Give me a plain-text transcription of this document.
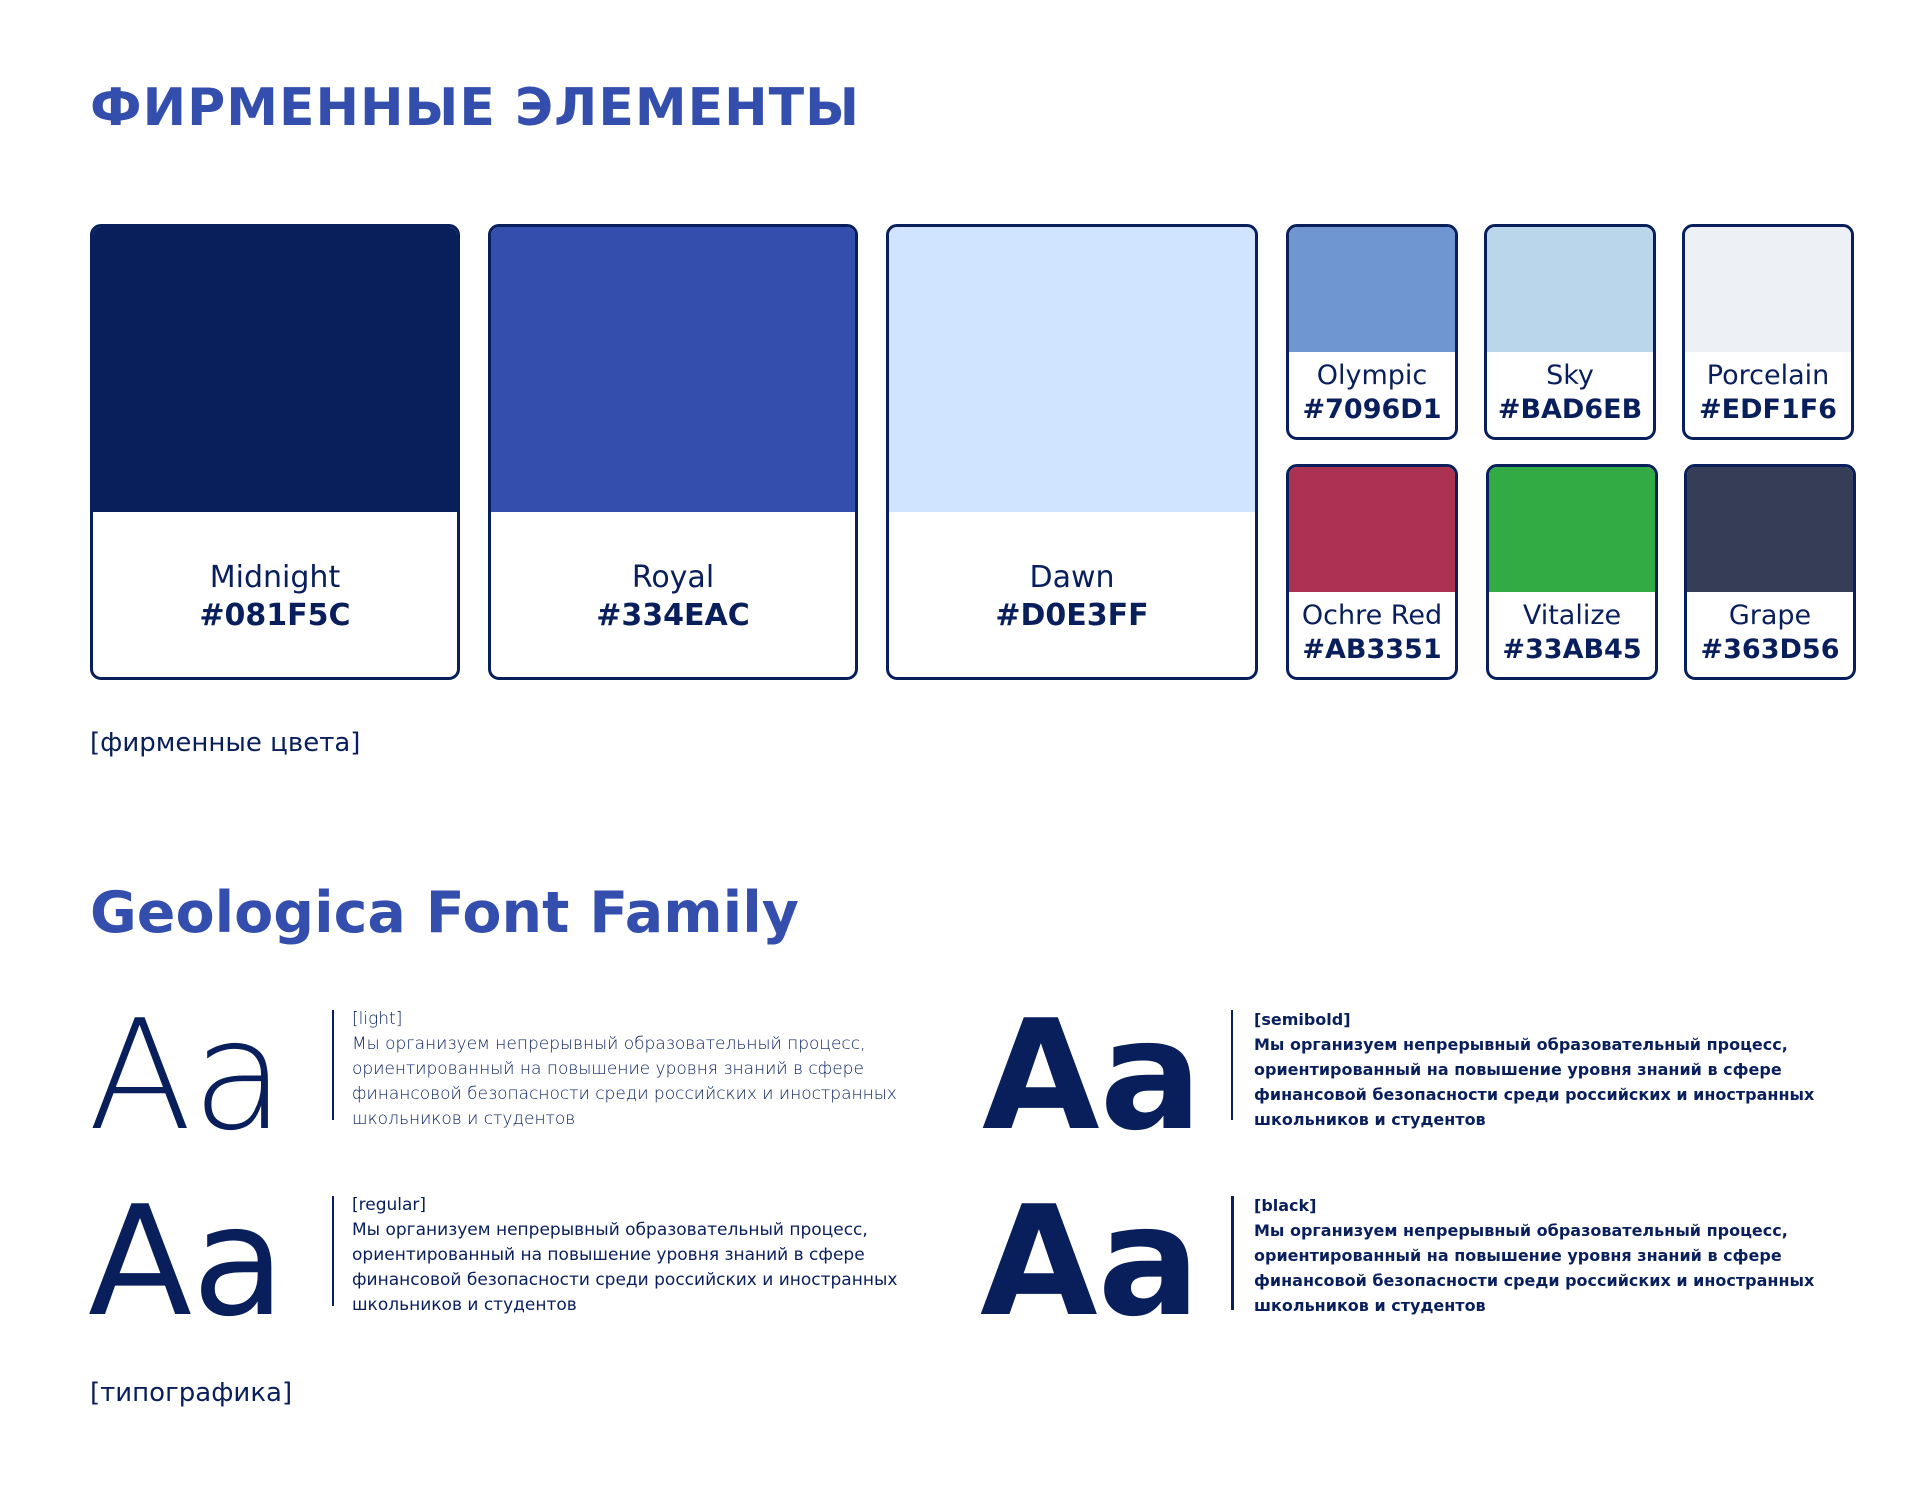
ФИРМЕННЫЕ ЭЛЕМЕНТЫ
Midnight
#081F5C
Royal
#334EAC
Dawn
#D0E3FF
Olympic
#7096D1
Sky
#BAD6EB
Porcelain
#EDF1F6
Ochre Red
#AB3351
Vitalize
#33AB45
Grape
#363D56
[фирменные цвета]
Geologica Font Family
Aa	[light]
Мы организуем непрерывный образовательный процесс,
ориентированный на повышение уровня знаний в сфере
финансовой безопасности среди российских и иностранных
школьников и студентов	Aa	[semibold]
Мы организуем непрерывный образовательный процесс,
ориентированный на повышение уровня знаний в сфере
финансовой безопасности среди российских и иностранных
школьников и студентов
Aa	[regular]
Мы организуем непрерывный образовательный процесс,
ориентированный на повышение уровня знаний в сфере
финансовой безопасности среди российских и иностранных
школьников и студентов	Aa	[black]
Мы организуем непрерывный образовательный процесс,
ориентированный на повышение уровня знаний в сфере
финансовой безопасности среди российских и иностранных
школьников и студентов
[типографика]
